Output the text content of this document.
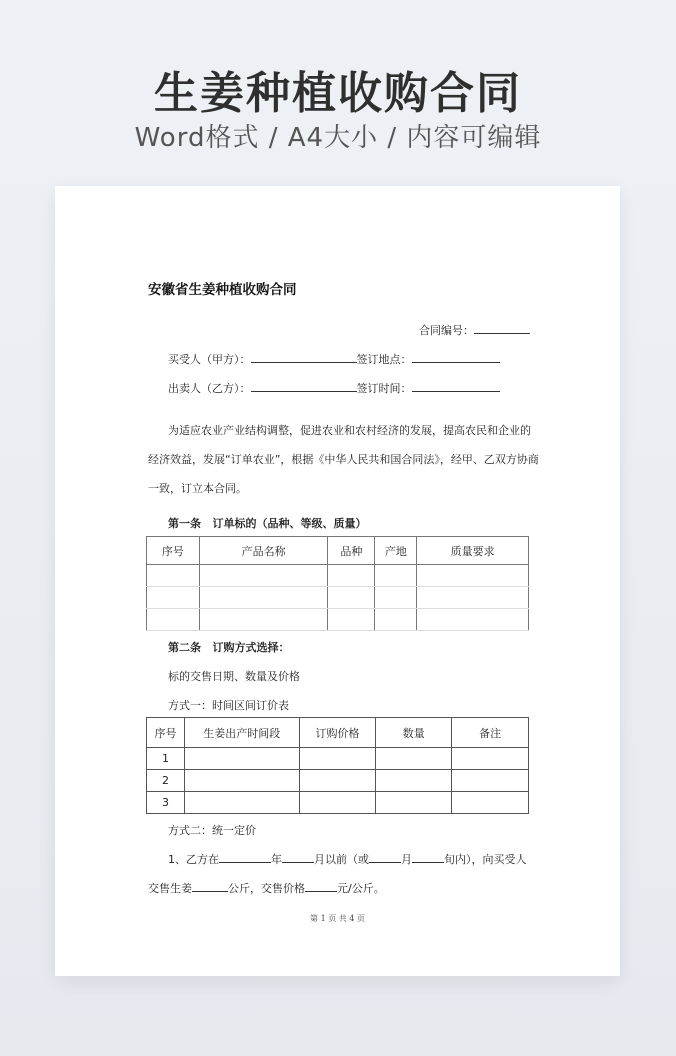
生姜种植收购合同
Word格式 / A4大小 / 内容可编辑
安徽省生姜种植收购合同
合同编号：
买受人（甲方）：	签订地点：
出卖人（乙方）：	签订时间：
为适应农业产业结构调整，促进农业和农村经济的发展，提高农民和企业的
经济效益，发展“订单农业”，根据《中华人民共和国合同法》，经甲、乙双方协商
一致，订立本合同。
第一条 订单标的（品种、等级、质量）
序号	产品名称	品种	产地	质量要求

第二条 订购方式选择：
标的交售日期、数量及价格
方式一：时间区间订价表
序号	生姜出产时间段	订购价格	数量	备注
1				
2				
3				
方式二：统一定价
1、乙方在	年	月以前（或	月	旬内），向买受人
交售生姜	公斤，交售价格	元/公斤。
第 1 页 共 4 页
